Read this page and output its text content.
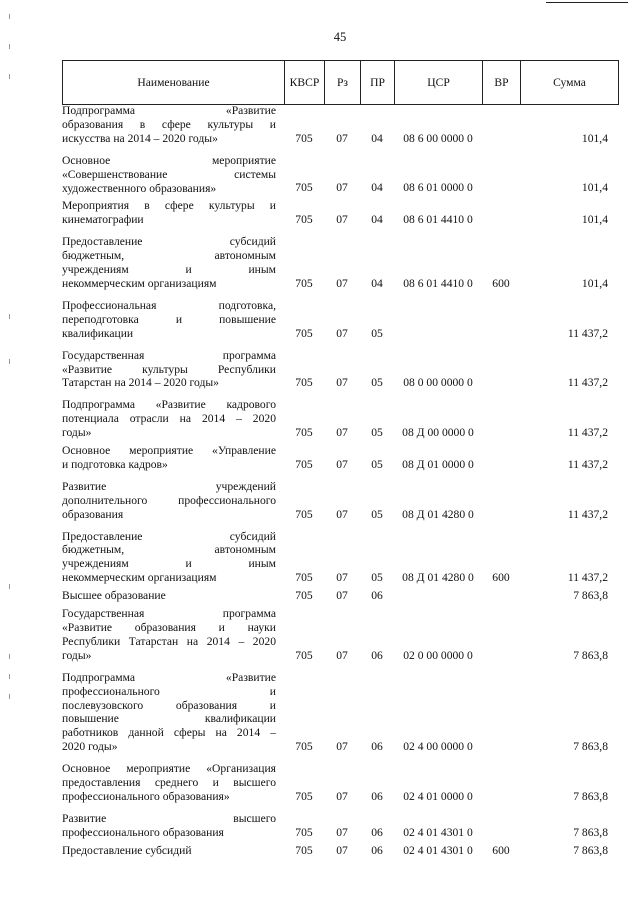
45
Наименование	КВСР	Рз	ПР	ЦСР	ВР	Сумма
Подпрограмма «Развитие
образования в сфере культуры и
искусства на 2014 – 2020 годы»	705	07	04	08 6 00 0000 0	101,4
Основное мероприятие
«Совершенствование системы
художественного образования»	705	07	04	08 6 01 0000 0	101,4
Мероприятия в сфере культуры и
кинематографии	705	07	04	08 6 01 4410 0	101,4
Предоставление субсидий
бюджетным, автономным
учреждениям и иным
некоммерческим организациям	705	07	04	08 6 01 4410 0	600	101,4
Профессиональная подготовка,
переподготовка и повышение
квалификации	705	07	05	11 437,2
Государственная программа
«Развитие культуры Республики
Татарстан на 2014 – 2020 годы»	705	07	05	08 0 00 0000 0	11 437,2
Подпрограмма «Развитие кадрового
потенциала отрасли на 2014 – 2020
годы»	705	07	05	08 Д 00 0000 0	11 437,2
Основное мероприятие «Управление
и подготовка кадров»	705	07	05	08 Д 01 0000 0	11 437,2
Развитие учреждений
дополнительного профессионального
образования	705	07	05	08 Д 01 4280 0	11 437,2
Предоставление субсидий
бюджетным, автономным
учреждениям и иным
некоммерческим организациям	705	07	05	08 Д 01 4280 0	600	11 437,2
Высшее образование	705	07	06	7 863,8
Государственная программа
«Развитие образования и науки
Республики Татарстан на 2014 – 2020
годы»	705	07	06	02 0 00 0000 0	7 863,8
Подпрограмма «Развитие
профессионального и
послевузовского образования и
повышение квалификации
работников данной сферы на 2014 –
2020 годы»	705	07	06	02 4 00 0000 0	7 863,8
Основное мероприятие «Организация
предоставления среднего и высшего
профессионального образования»	705	07	06	02 4 01 0000 0	7 863,8
Развитие высшего
профессионального образования	705	07	06	02 4 01 4301 0	7 863,8
Предоставление субсидий	705	07	06	02 4 01 4301 0	600	7 863,8
